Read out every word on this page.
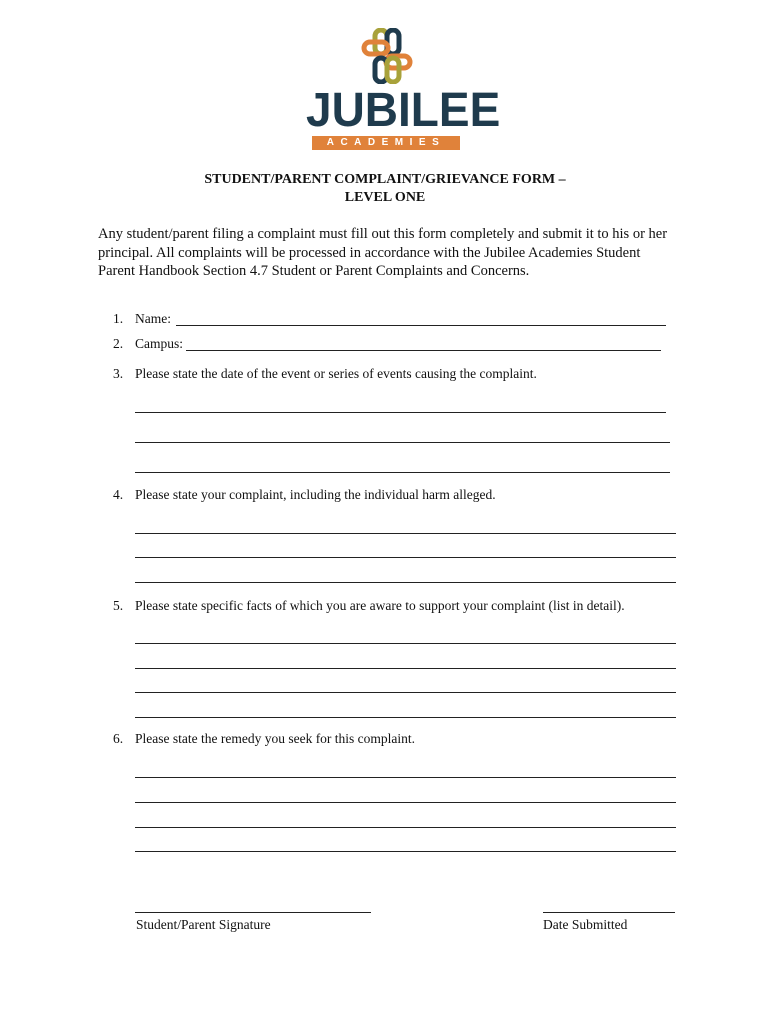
JUBILEE
ACADEMIES
STUDENT/PARENT COMPLAINT/GRIEVANCE FORM –
LEVEL ONE
Any student/parent filing a complaint must fill out this form completely and submit it to his or her principal. All complaints will be processed in accordance with the Jubilee Academies Student Parent Handbook Section 4.7 Student or Parent Complaints and Concerns.
1. Name:
2. Campus:
3. Please state the date of the event or series of events causing the complaint.
4. Please state your complaint, including the individual harm alleged.
5. Please state specific facts of which you are aware to support your complaint (list in detail).
6. Please state the remedy you seek for this complaint.
Student/Parent Signature	Date Submitted
